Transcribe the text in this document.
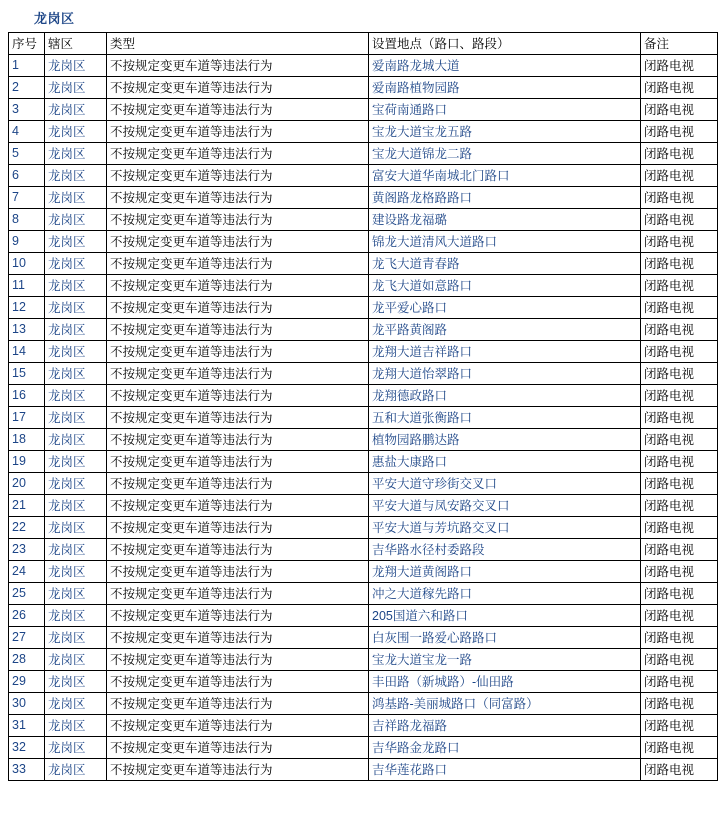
龙岗区
序号	辖区	类型	设置地点（路口、路段）	备注
1	龙岗区	不按规定变更车道等违法行为	爱南路龙城大道	闭路电视
2	龙岗区	不按规定变更车道等违法行为	爱南路植物园路	闭路电视
3	龙岗区	不按规定变更车道等违法行为	宝荷南通路口	闭路电视
4	龙岗区	不按规定变更车道等违法行为	宝龙大道宝龙五路	闭路电视
5	龙岗区	不按规定变更车道等违法行为	宝龙大道锦龙二路	闭路电视
6	龙岗区	不按规定变更车道等违法行为	富安大道华南城北门路口	闭路电视
7	龙岗区	不按规定变更车道等违法行为	黄阁路龙格路路口	闭路电视
8	龙岗区	不按规定变更车道等违法行为	建设路龙福璐	闭路电视
9	龙岗区	不按规定变更车道等违法行为	锦龙大道清风大道路口	闭路电视
10	龙岗区	不按规定变更车道等违法行为	龙飞大道青春路	闭路电视
11	龙岗区	不按规定变更车道等违法行为	龙飞大道如意路口	闭路电视
12	龙岗区	不按规定变更车道等违法行为	龙平爱心路口	闭路电视
13	龙岗区	不按规定变更车道等违法行为	龙平路黄阁路	闭路电视
14	龙岗区	不按规定变更车道等违法行为	龙翔大道吉祥路口	闭路电视
15	龙岗区	不按规定变更车道等违法行为	龙翔大道怡翠路口	闭路电视
16	龙岗区	不按规定变更车道等违法行为	龙翔德政路口	闭路电视
17	龙岗区	不按规定变更车道等违法行为	五和大道张衡路口	闭路电视
18	龙岗区	不按规定变更车道等违法行为	植物园路鹏达路	闭路电视
19	龙岗区	不按规定变更车道等违法行为	惠盐大康路口	闭路电视
20	龙岗区	不按规定变更车道等违法行为	平安大道守珍街交叉口	闭路电视
21	龙岗区	不按规定变更车道等违法行为	平安大道与凤安路交叉口	闭路电视
22	龙岗区	不按规定变更车道等违法行为	平安大道与芳坑路交叉口	闭路电视
23	龙岗区	不按规定变更车道等违法行为	吉华路水径村委路段	闭路电视
24	龙岗区	不按规定变更车道等违法行为	龙翔大道黄阁路口	闭路电视
25	龙岗区	不按规定变更车道等违法行为	冲之大道稼先路口	闭路电视
26	龙岗区	不按规定变更车道等违法行为	205国道六和路口	闭路电视
27	龙岗区	不按规定变更车道等违法行为	白灰围一路爱心路路口	闭路电视
28	龙岗区	不按规定变更车道等违法行为	宝龙大道宝龙一路	闭路电视
29	龙岗区	不按规定变更车道等违法行为	丰田路（新城路）-仙田路	闭路电视
30	龙岗区	不按规定变更车道等违法行为	鸿基路-美丽城路口（同富路）	闭路电视
31	龙岗区	不按规定变更车道等违法行为	吉祥路龙福路	闭路电视
32	龙岗区	不按规定变更车道等违法行为	吉华路金龙路口	闭路电视
33	龙岗区	不按规定变更车道等违法行为	吉华莲花路口	闭路电视
